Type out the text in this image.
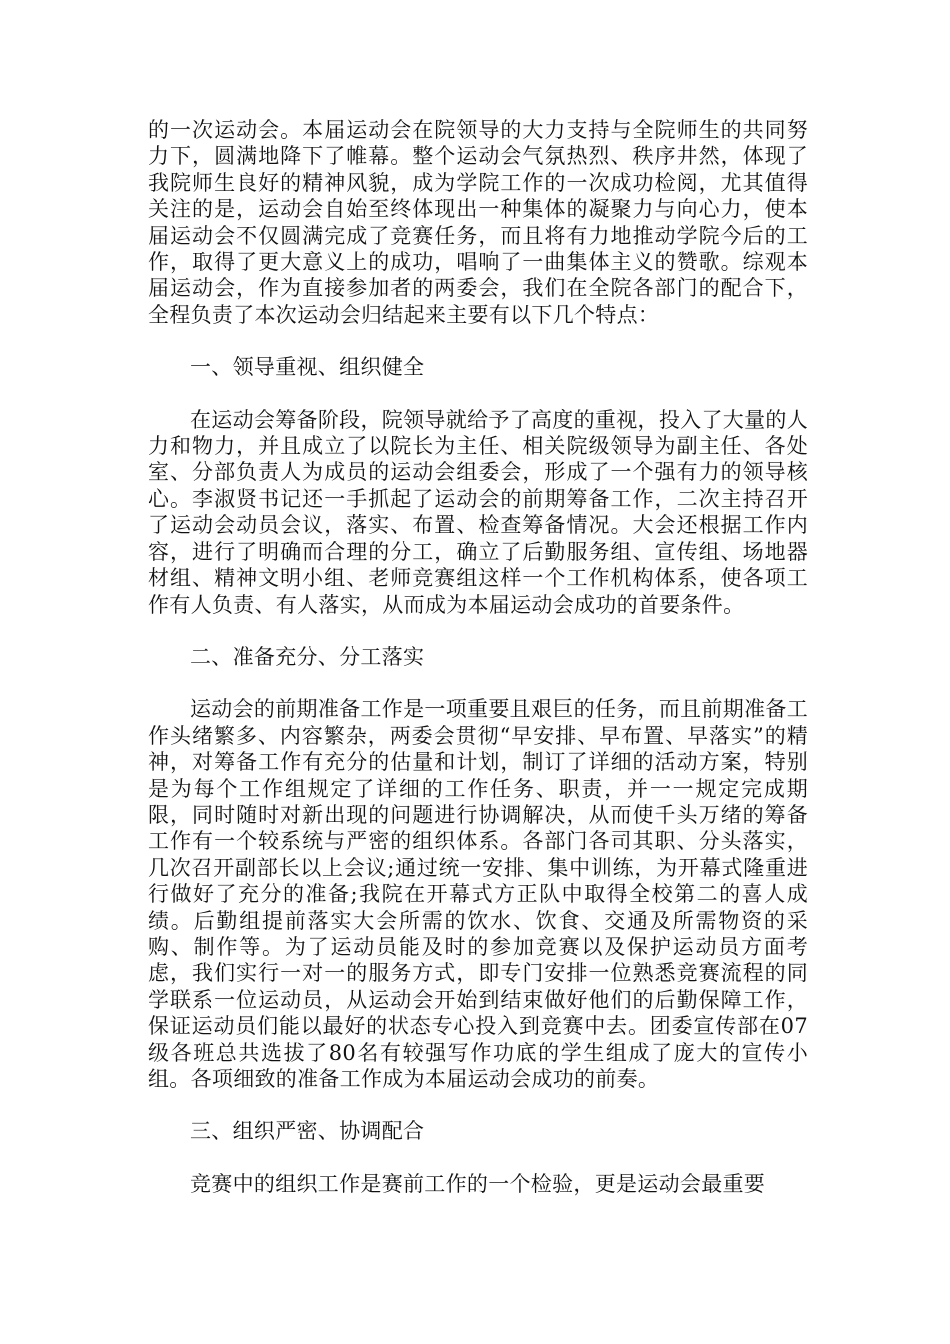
的一次运动会。本届运动会在院领导的大力支持与全院师生的共同努力下，圆满地降下了帷幕。整个运动会气氛热烈、秩序井然，体现了我院师生良好的精神风貌，成为学院工作的一次成功检阅，尤其值得关注的是，运动会自始至终体现出一种集体的凝聚力与向心力，使本届运动会不仅圆满完成了竞赛任务，而且将有力地推动学院今后的工作，取得了更大意义上的成功，唱响了一曲集体主义的赞歌。综观本届运动会，作为直接参加者的两委会，我们在全院各部门的配合下，全程负责了本次运动会归结起来主要有以下几个特点：

一、领导重视、组织健全

在运动会筹备阶段，院领导就给予了高度的重视，投入了大量的人力和物力，并且成立了以院长为主任、相关院级领导为副主任、各处室、分部负责人为成员的运动会组委会，形成了一个强有力的领导核心。李淑贤书记还一手抓起了运动会的前期筹备工作，二次主持召开了运动会动员会议，落实、布置、检查筹备情况。大会还根据工作内容，进行了明确而合理的分工，确立了后勤服务组、宣传组、场地器材组、精神文明小组、老师竞赛组这样一个工作机构体系，使各项工作有人负责、有人落实，从而成为本届运动会成功的首要条件。

二、准备充分、分工落实

运动会的前期准备工作是一项重要且艰巨的任务，而且前期准备工作头绪繁多、内容繁杂，两委会贯彻“早安排、早布置、早落实”的精神，对筹备工作有充分的估量和计划，制订了详细的活动方案，特别是为每个工作组规定了详细的工作任务、职责，并一一规定完成期限，同时随时对新出现的问题进行协调解决，从而使千头万绪的筹备工作有一个较系统与严密的组织体系。各部门各司其职、分头落实，几次召开副部长以上会议;通过统一安排、集中训练，为开幕式隆重进行做好了充分的准备;我院在开幕式方正队中取得全校第二的喜人成绩。后勤组提前落实大会所需的饮水、饮食、交通及所需物资的采购、制作等。为了运动员能及时的参加竞赛以及保护运动员方面考虑，我们实行一对一的服务方式，即专门安排一位熟悉竞赛流程的同学联系一位运动员，从运动会开始到结束做好他们的后勤保障工作，保证运动员们能以最好的状态专心投入到竞赛中去。团委宣传部在07级各班总共选拔了80名有较强写作功底的学生组成了庞大的宣传小组。各项细致的准备工作成为本届运动会成功的前奏。

三、组织严密、协调配合

竞赛中的组织工作是赛前工作的一个检验，更是运动会最重要
